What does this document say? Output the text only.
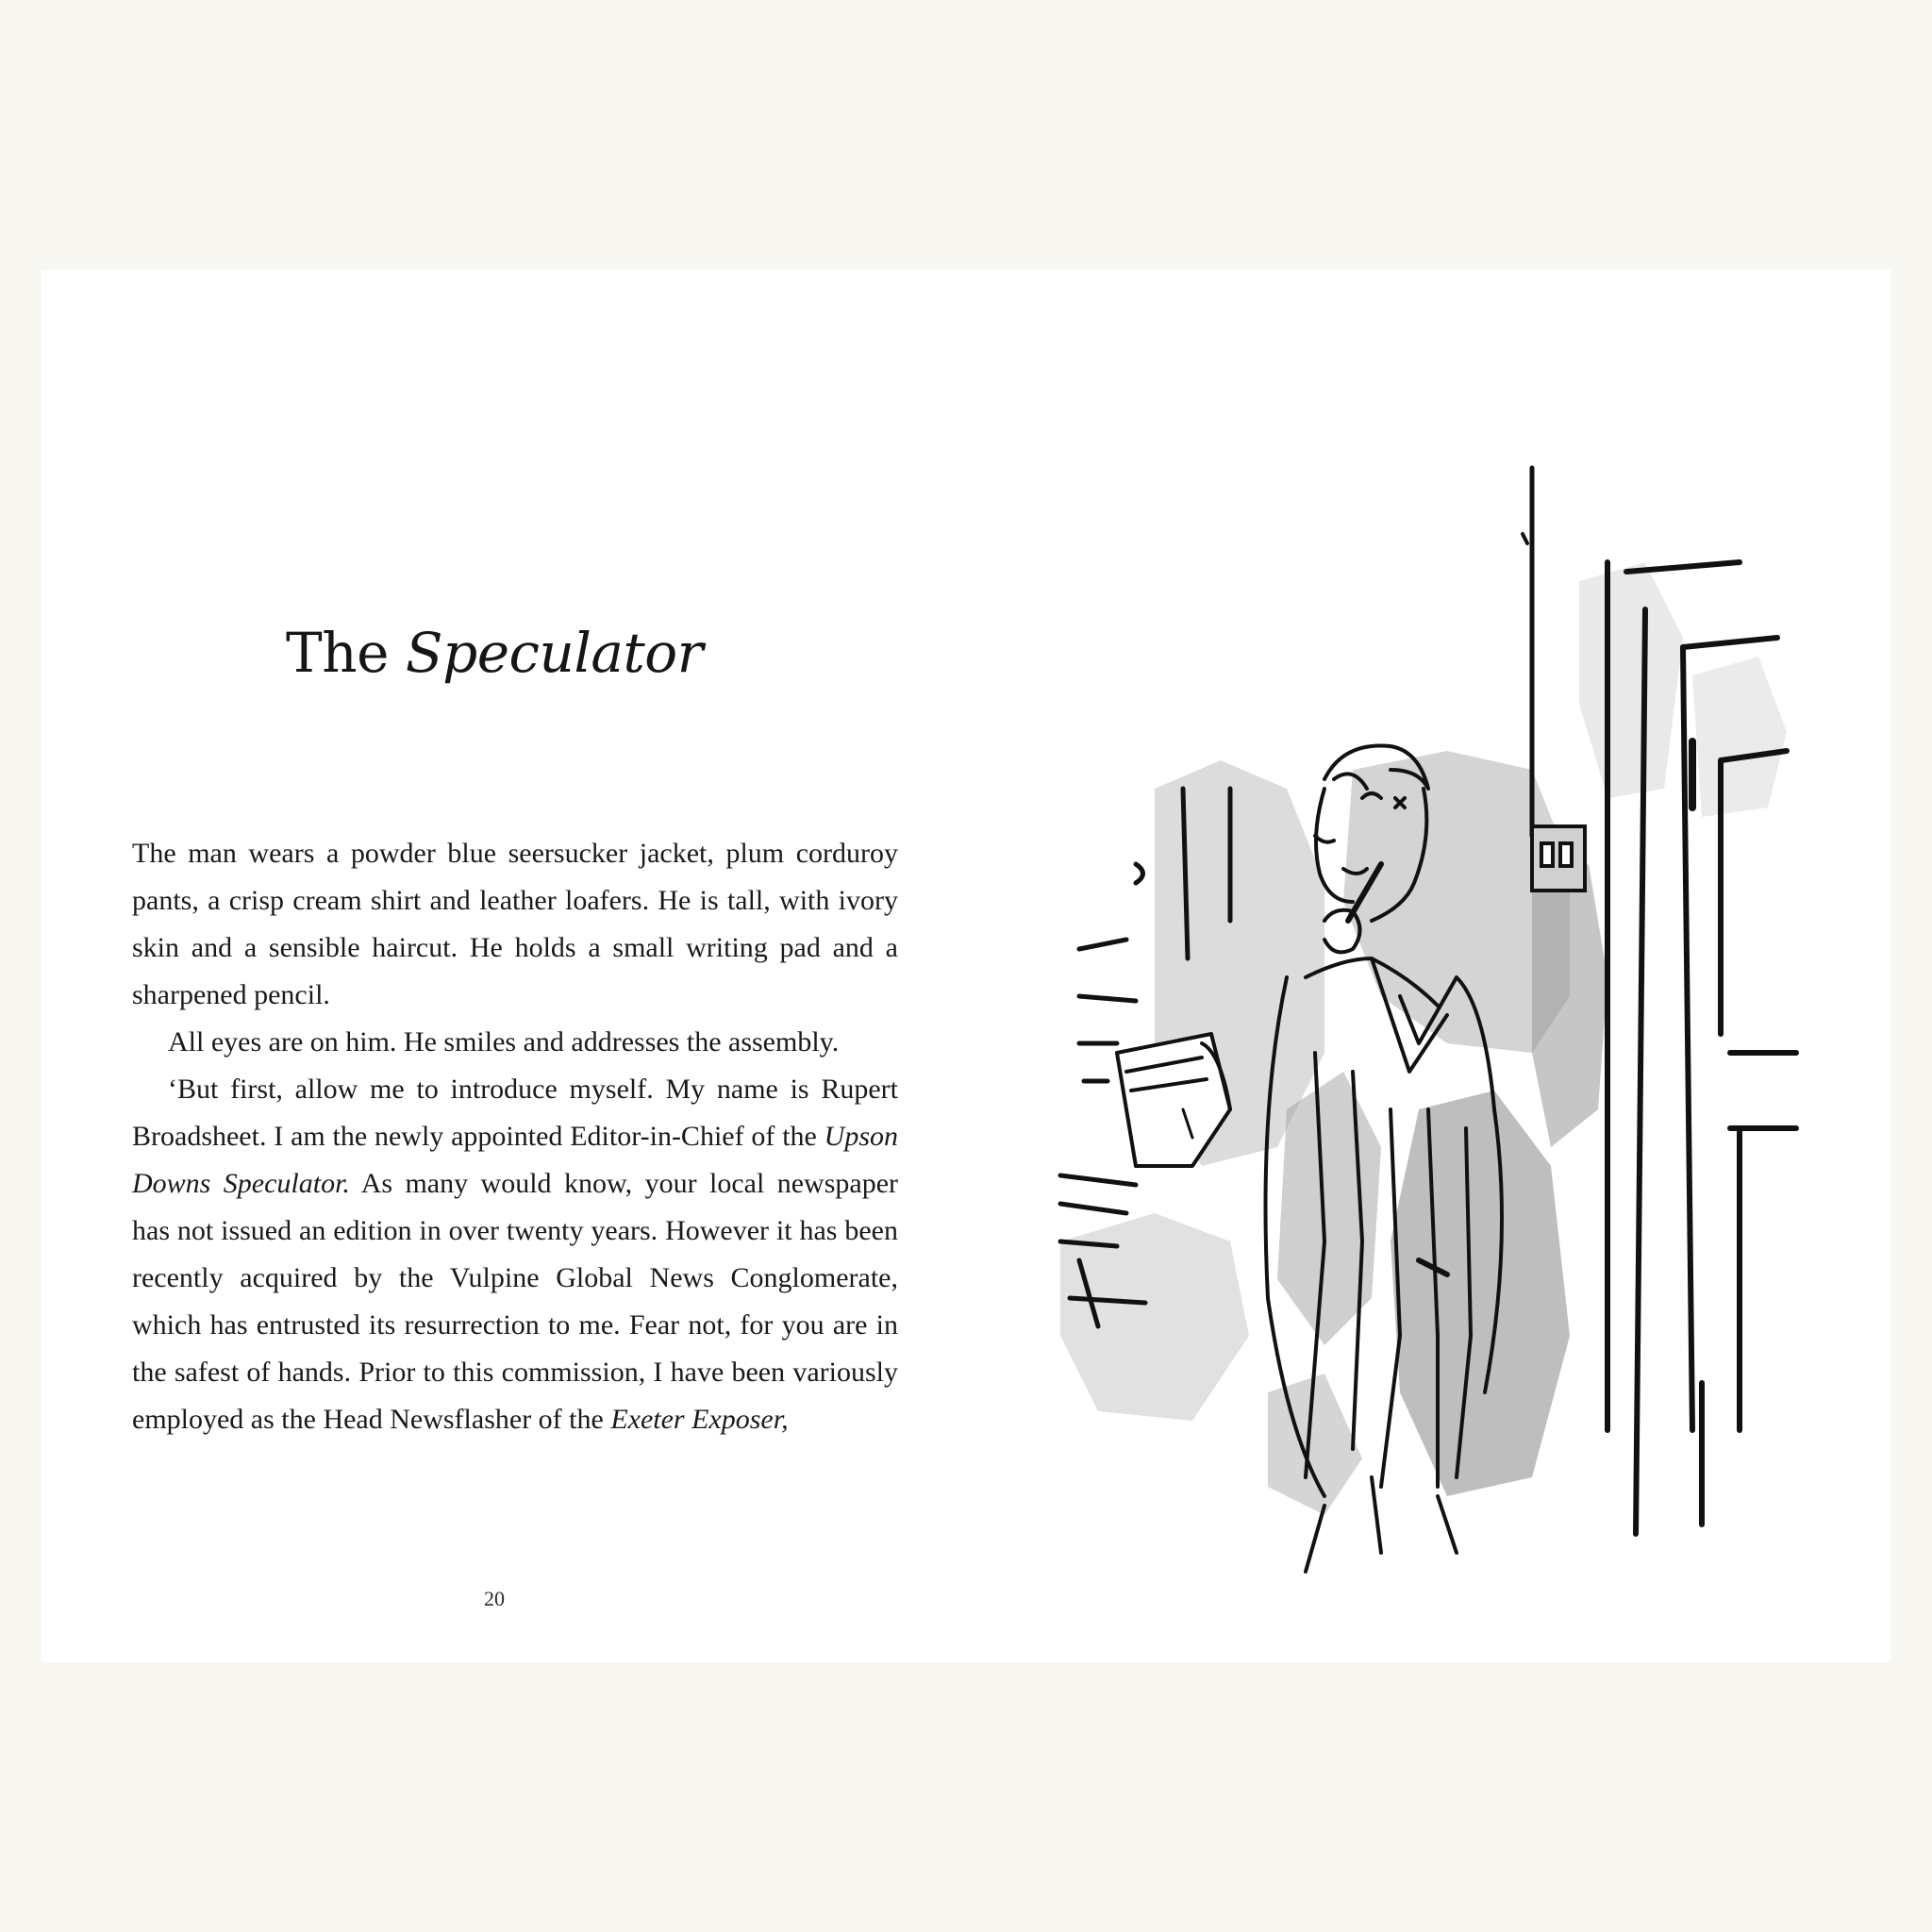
The Speculator

The man wears a powder blue seersucker jacket, plum corduroy pants, a crisp cream shirt and leather loafers. He is tall, with ivory skin and a sensible haircut. He holds a small writing pad and a sharpened pencil.

All eyes are on him. He smiles and addresses the assembly.

‘But first, allow me to introduce myself. My name is Rupert Broadsheet. I am the newly appointed Editor-in-Chief of the Upson Downs Speculator. As many would know, your local newspaper has not issued an edition in over twenty years. However it has been recently acquired by the Vulpine Global News Conglomerate, which has entrusted its resurrection to me. Fear not, for you are in the safest of hands. Prior to this commission, I have been variously employed as the Head Newsflasher of the Exeter Exposer,

20
